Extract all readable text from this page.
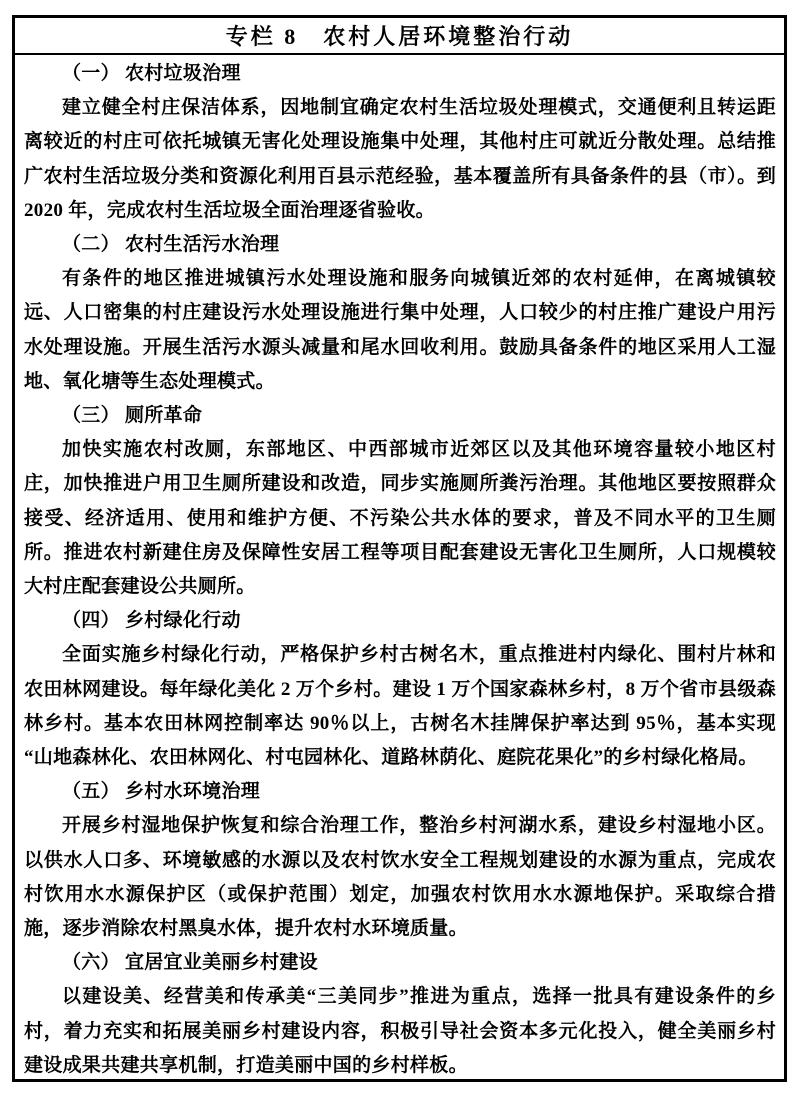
专栏 8　农村人居环境整治行动
（一） 农村垃圾治理
建立健全村庄保洁体系，因地制宜确定农村生活垃圾处理模式，交通便利且转运距离较近的村庄可依托城镇无害化处理设施集中处理，其他村庄可就近分散处理。总结推广农村生活垃圾分类和资源化利用百县示范经验，基本覆盖所有具备条件的县（市）。到 2020 年，完成农村生活垃圾全面治理逐省验收。
（二） 农村生活污水治理
有条件的地区推进城镇污水处理设施和服务向城镇近郊的农村延伸，在离城镇较远、人口密集的村庄建设污水处理设施进行集中处理，人口较少的村庄推广建设户用污水处理设施。开展生活污水源头减量和尾水回收利用。鼓励具备条件的地区采用人工湿地、氧化塘等生态处理模式。
（三） 厕所革命
加快实施农村改厕，东部地区、中西部城市近郊区以及其他环境容量较小地区村庄，加快推进户用卫生厕所建设和改造，同步实施厕所粪污治理。其他地区要按照群众接受、经济适用、使用和维护方便、不污染公共水体的要求，普及不同水平的卫生厕所。推进农村新建住房及保障性安居工程等项目配套建设无害化卫生厕所，人口规模较大村庄配套建设公共厕所。
（四） 乡村绿化行动
全面实施乡村绿化行动，严格保护乡村古树名木，重点推进村内绿化、围村片林和农田林网建设。每年绿化美化 2 万个乡村。建设 1 万个国家森林乡村，8 万个省市县级森林乡村。基本农田林网控制率达 90％以上，古树名木挂牌保护率达到 95％，基本实现“山地森林化、农田林网化、村屯园林化、道路林荫化、庭院花果化”的乡村绿化格局。
（五） 乡村水环境治理
开展乡村湿地保护恢复和综合治理工作，整治乡村河湖水系，建设乡村湿地小区。以供水人口多、环境敏感的水源以及农村饮水安全工程规划建设的水源为重点，完成农村饮用水水源保护区（或保护范围）划定，加强农村饮用水水源地保护。采取综合措施，逐步消除农村黑臭水体，提升农村水环境质量。
（六） 宜居宜业美丽乡村建设
以建设美、经营美和传承美“三美同步”推进为重点，选择一批具有建设条件的乡村，着力充实和拓展美丽乡村建设内容，积极引导社会资本多元化投入，健全美丽乡村建设成果共建共享机制，打造美丽中国的乡村样板。
